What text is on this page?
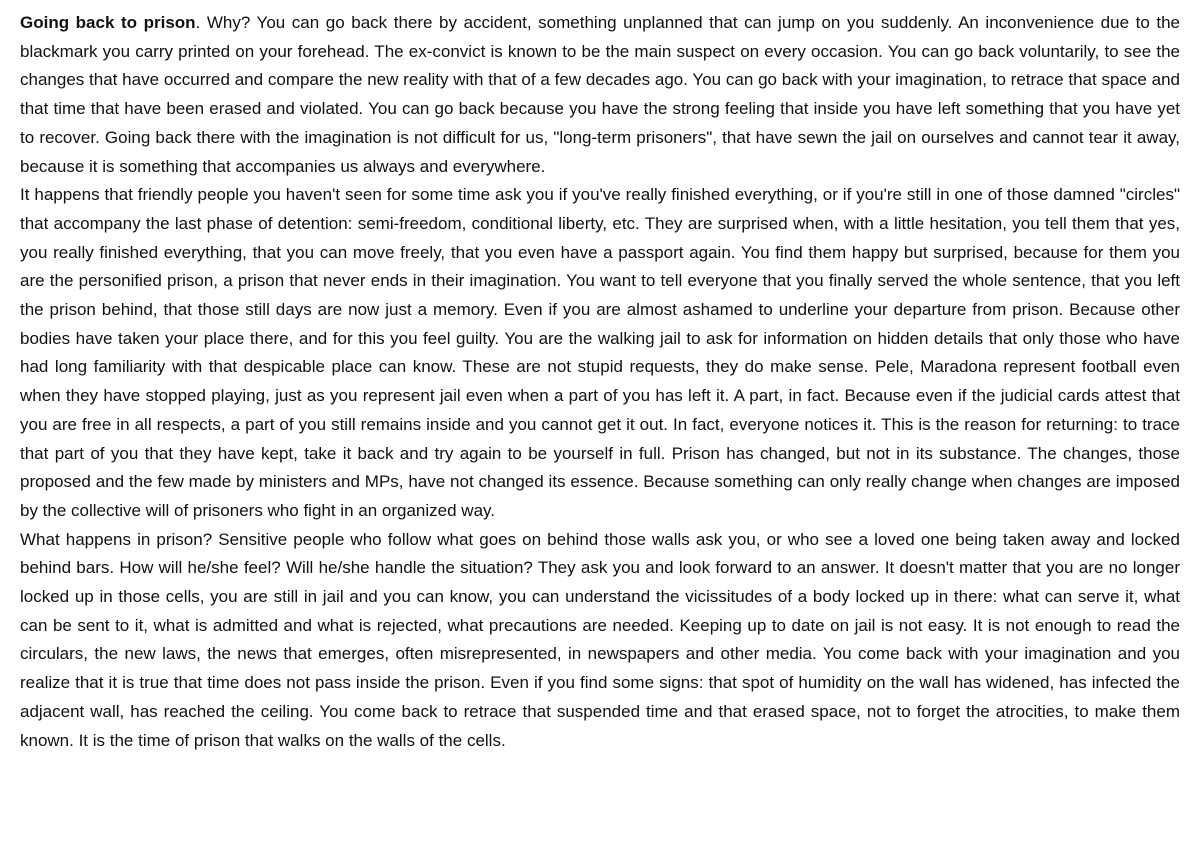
Going back to prison. Why? You can go back there by accident, something unplanned that can jump on you suddenly. An inconvenience due to the blackmark you carry printed on your forehead. The ex-convict is known to be the main suspect on every occasion. You can go back voluntarily, to see the changes that have occurred and compare the new reality with that of a few decades ago. You can go back with your imagination, to retrace that space and that time that have been erased and violated. You can go back because you have the strong feeling that inside you have left something that you have yet to recover. Going back there with the imagination is not difficult for us, "long-term prisoners", that have sewn the jail on ourselves and cannot tear it away, because it is something that accompanies us always and everywhere.

It happens that friendly people you haven't seen for some time ask you if you've really finished everything, or if you're still in one of those damned "circles" that accompany the last phase of detention: semi-freedom, conditional liberty, etc. They are surprised when, with a little hesitation, you tell them that yes, you really finished everything, that you can move freely, that you even have a passport again. You find them happy but surprised, because for them you are the personified prison, a prison that never ends in their imagination. You want to tell everyone that you finally served the whole sentence, that you left the prison behind, that those still days are now just a memory. Even if you are almost ashamed to underline your departure from prison. Because other bodies have taken your place there, and for this you feel guilty. You are the walking jail to ask for information on hidden details that only those who have had long familiarity with that despicable place can know. These are not stupid requests, they do make sense. Pele, Maradona represent football even when they have stopped playing, just as you represent jail even when a part of you has left it. A part, in fact. Because even if the judicial cards attest that you are free in all respects, a part of you still remains inside and you cannot get it out. In fact, everyone notices it. This is the reason for returning: to trace that part of you that they have kept, take it back and try again to be yourself in full. Prison has changed, but not in its substance. The changes, those proposed and the few made by ministers and MPs, have not changed its essence. Because something can only really change when changes are imposed by the collective will of prisoners who fight in an organized way.

What happens in prison? Sensitive people who follow what goes on behind those walls ask you, or who see a loved one being taken away and locked behind bars. How will he/she feel? Will he/she handle the situation? They ask you and look forward to an answer. It doesn't matter that you are no longer locked up in those cells, you are still in jail and you can know, you can understand the vicissitudes of a body locked up in there: what can serve it, what can be sent to it, what is admitted and what is rejected, what precautions are needed. Keeping up to date on jail is not easy. It is not enough to read the circulars, the new laws, the news that emerges, often misrepresented, in newspapers and other media. You come back with your imagination and you realize that it is true that time does not pass inside the prison. Even if you find some signs: that spot of humidity on the wall has widened, has infected the adjacent wall, has reached the ceiling. You come back to retrace that suspended time and that erased space, not to forget the atrocities, to make them known. It is the time of prison that walks on the walls of the cells.
